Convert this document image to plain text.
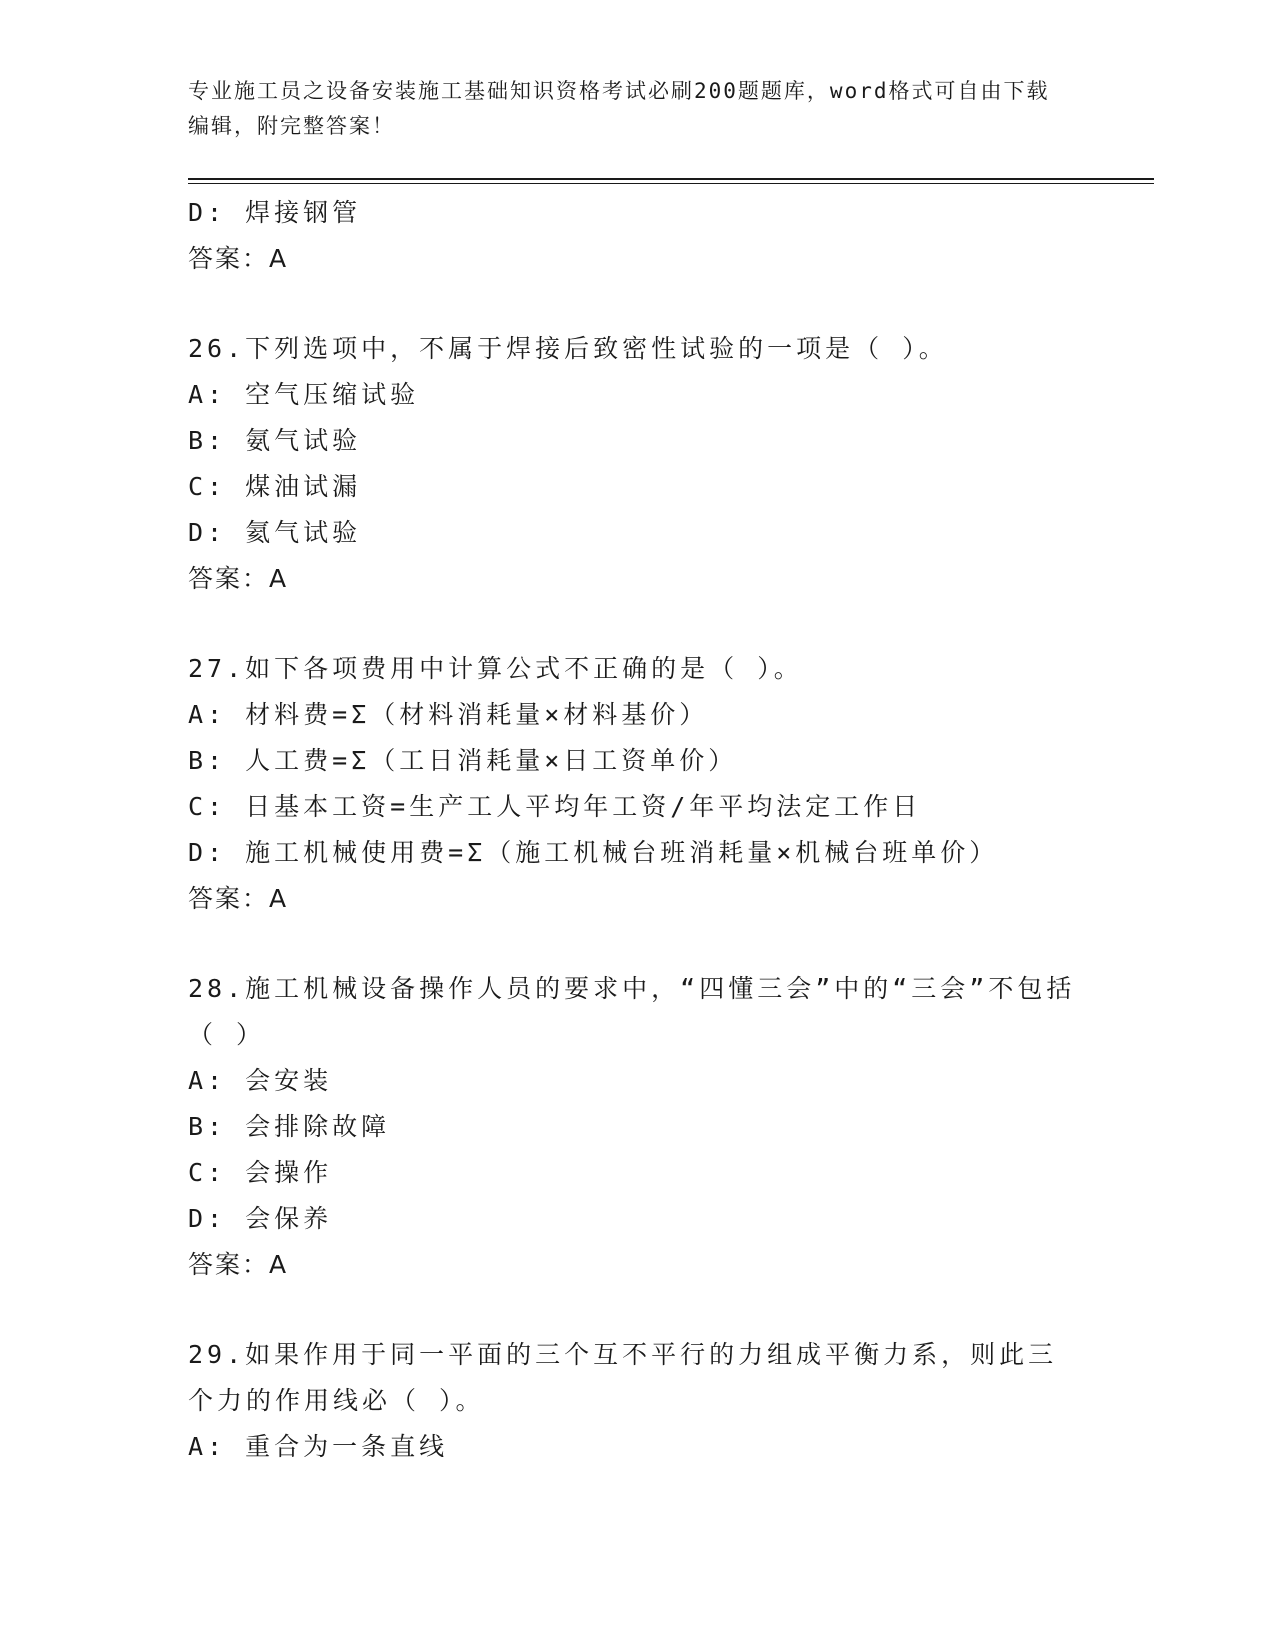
专业施工员之设备安装施工基础知识资格考试必刷200题题库，word格式可自由下载编辑，附完整答案！
D: 焊接钢管
答案：A
26.下列选项中，不属于焊接后致密性试验的一项是（ ）。
A: 空气压缩试验
B: 氨气试验
C: 煤油试漏
D: 氦气试验
答案：A
27.如下各项费用中计算公式不正确的是（ ）。
A: 材料费=Σ（材料消耗量×材料基价）
B: 人工费=Σ（工日消耗量×日工资单价）
C: 日基本工资=生产工人平均年工资/年平均法定工作日
D: 施工机械使用费=Σ（施工机械台班消耗量×机械台班单价）
答案：A
28.施工机械设备操作人员的要求中，“四懂三会”中的“三会”不包括（ ）
A: 会安装
B: 会排除故障
C: 会操作
D: 会保养
答案：A
29.如果作用于同一平面的三个互不平行的力组成平衡力系，则此三个力的作用线必（ ）。
A: 重合为一条直线
